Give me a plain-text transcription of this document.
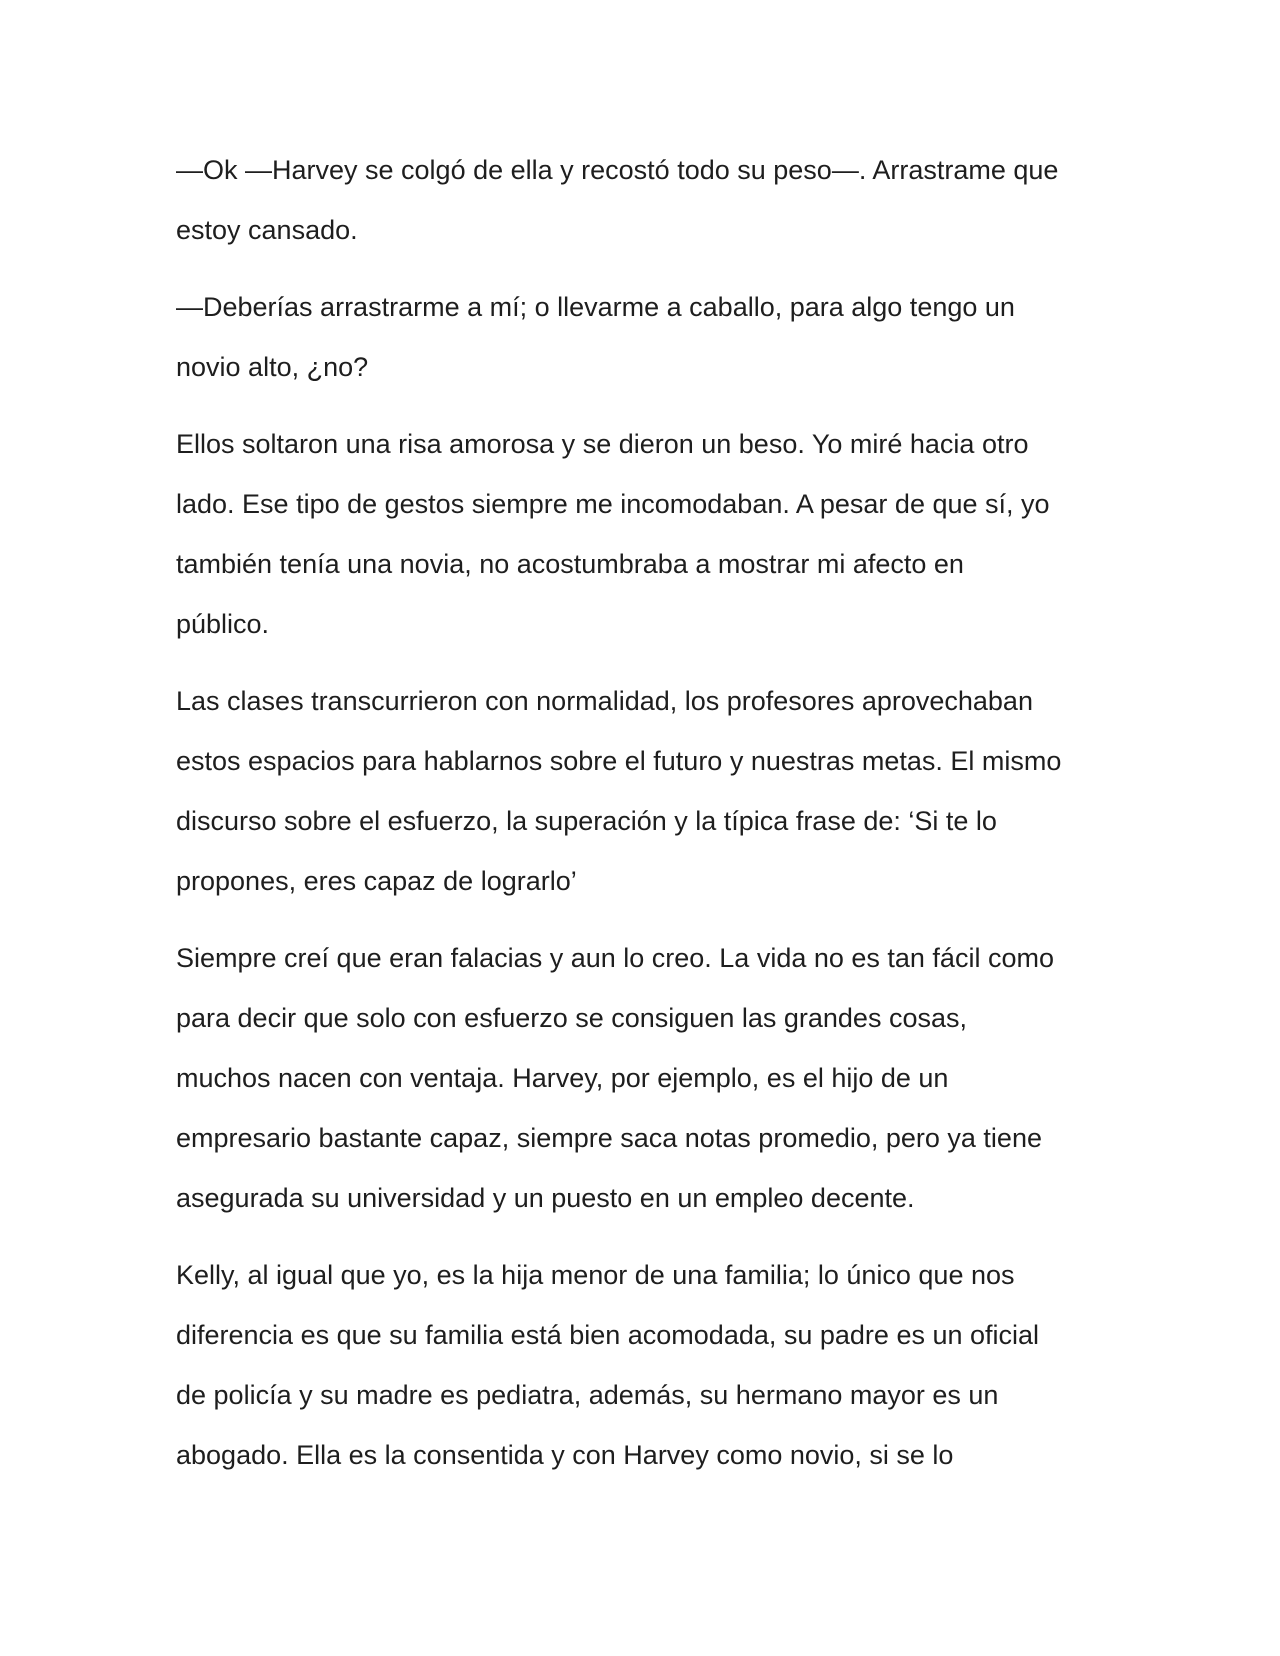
—Ok —Harvey se colgó de ella y recostó todo su peso—. Arrastrame que
estoy cansado.

—Deberías arrastrarme a mí; o llevarme a caballo, para algo tengo un
novio alto, ¿no?

Ellos soltaron una risa amorosa y se dieron un beso. Yo miré hacia otro
lado. Ese tipo de gestos siempre me incomodaban. A pesar de que sí, yo
también tenía una novia, no acostumbraba a mostrar mi afecto en
público.

Las clases transcurrieron con normalidad, los profesores aprovechaban
estos espacios para hablarnos sobre el futuro y nuestras metas. El mismo
discurso sobre el esfuerzo, la superación y la típica frase de: ‘Si te lo
propones, eres capaz de lograrlo’

Siempre creí que eran falacias y aun lo creo. La vida no es tan fácil como
para decir que solo con esfuerzo se consiguen las grandes cosas,
muchos nacen con ventaja. Harvey, por ejemplo, es el hijo de un
empresario bastante capaz, siempre saca notas promedio, pero ya tiene
asegurada su universidad y un puesto en un empleo decente.

Kelly, al igual que yo, es la hija menor de una familia; lo único que nos
diferencia es que su familia está bien acomodada, su padre es un oficial
de policía y su madre es pediatra, además, su hermano mayor es un
abogado. Ella es la consentida y con Harvey como novio, si se lo
